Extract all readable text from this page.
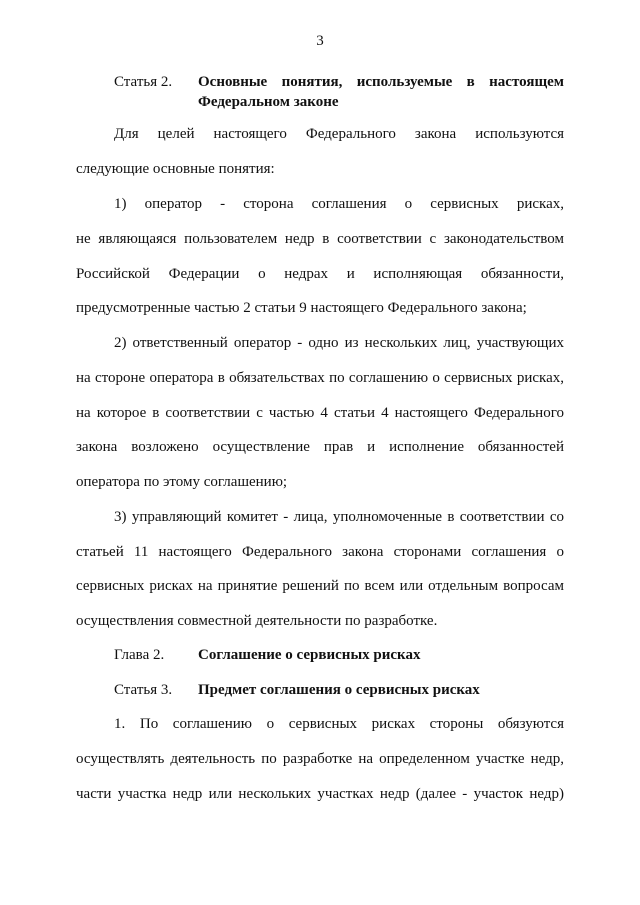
3
Статья 2. Основные понятия, используемые в настоящем Федеральном законе
Для целей настоящего Федерального закона используются
следующие основные понятия:
1) оператор - сторона соглашения о сервисных рисках,
не являющаяся пользователем недр в соответствии с законодательством
Российской Федерации о недрах и исполняющая обязанности,
предусмотренные частью 2 статьи 9 настоящего Федерального закона;
2) ответственный оператор - одно из нескольких лиц, участвующих
на стороне оператора в обязательствах по соглашению о сервисных рисках,
на которое в соответствии с частью 4 статьи 4 настоящего Федерального
закона возложено осуществление прав и исполнение обязанностей
оператора по этому соглашению;
3) управляющий комитет - лица, уполномоченные в соответствии со
статьей 11 настоящего Федерального закона сторонами соглашения о
сервисных рисках на принятие решений по всем или отдельным вопросам
осуществления совместной деятельности по разработке.
Глава 2. Соглашение о сервисных рисках
Статья 3. Предмет соглашения о сервисных рисках
1. По соглашению о сервисных рисках стороны обязуются
осуществлять деятельность по разработке на определенном участке недр,
части участка недр или нескольких участках недр (далее - участок недр)
